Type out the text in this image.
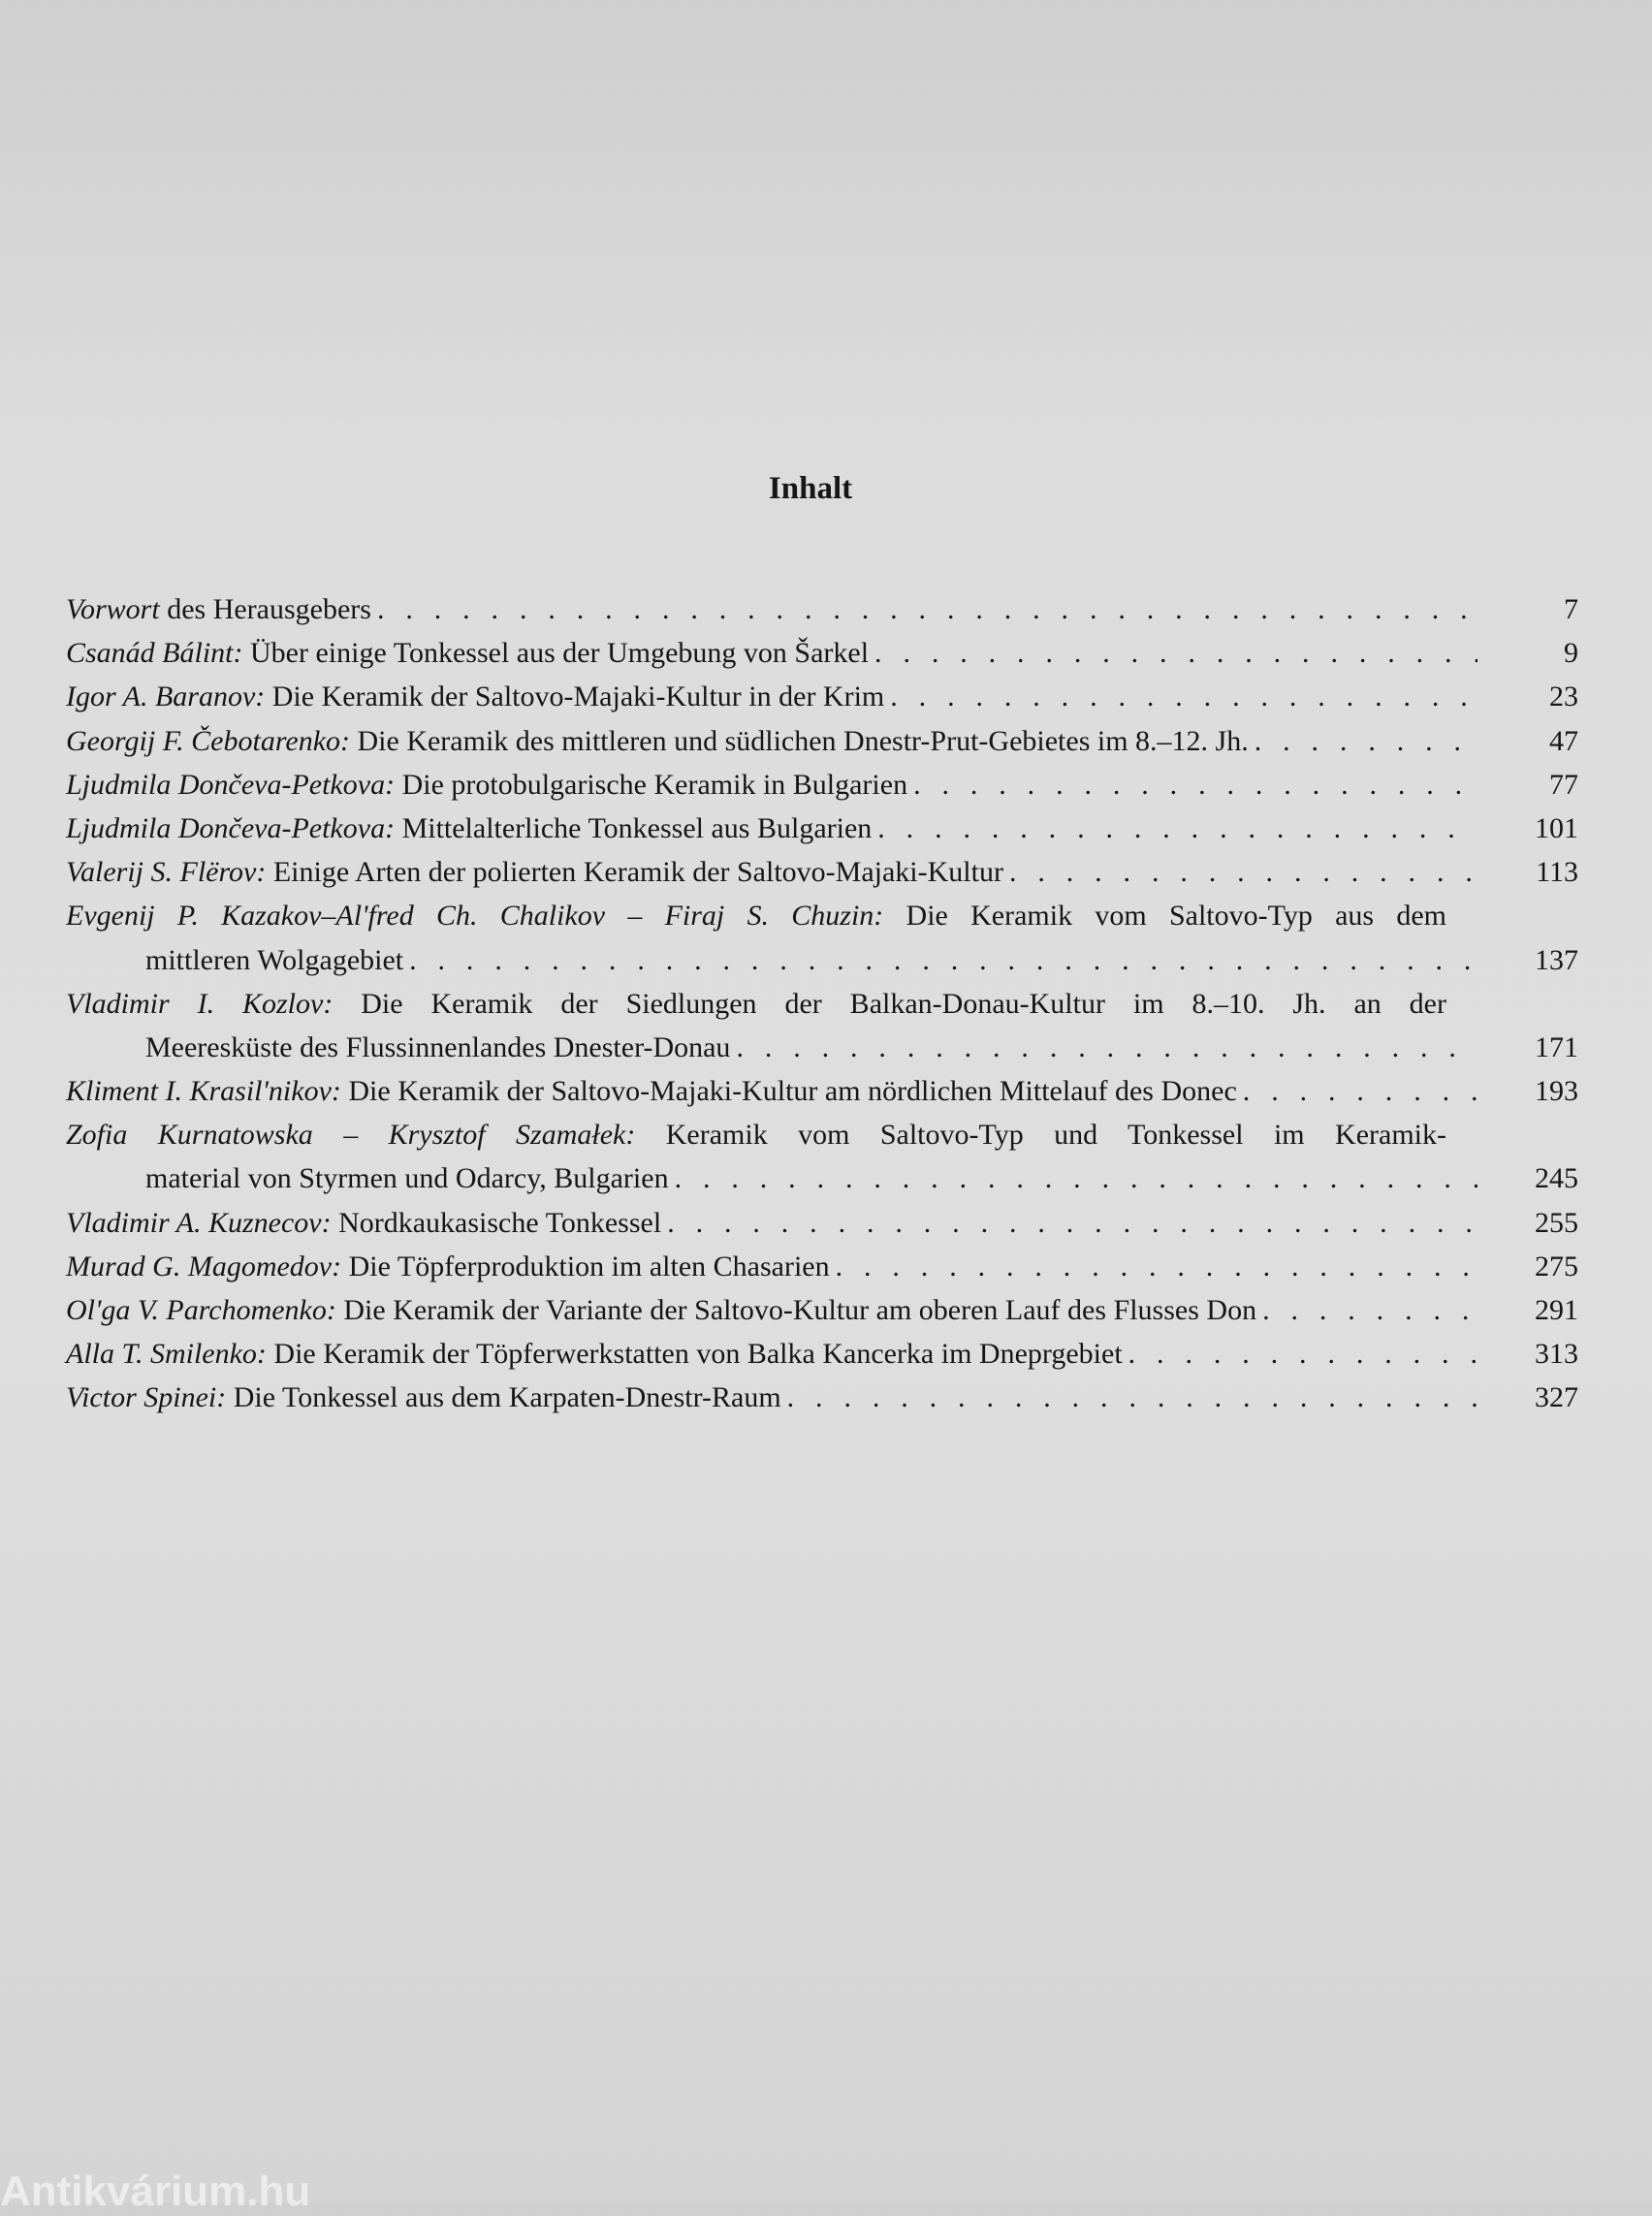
Inhalt
Vorwort des Herausgebers . . .	7
Csanád Bálint: Über einige Tonkessel aus der Umgebung von Šarkel . . .	9
Igor A. Baranov: Die Keramik der Saltovo-Majaki-Kultur in der Krim . . .	23
Georgij F. Čebotarenko: Die Keramik des mittleren und südlichen Dnestr-Prut-Gebietes im 8.–12. Jh. . . .	47
Ljudmila Dončeva-Petkova: Die protobulgarische Keramik in Bulgarien . . .	77
Ljudmila Dončeva-Petkova: Mittelalterliche Tonkessel aus Bulgarien . . .	101
Valerij S. Flërov: Einige Arten der polierten Keramik der Saltovo-Majaki-Kultur . . .	113
Evgenij P. Kazakov–Al'fred Ch. Chalikov – Firaj S. Chuzin: Die Keramik vom Saltovo-Typ aus dem
mittleren Wolgagebiet . . .	137
Vladimir I. Kozlov: Die Keramik der Siedlungen der Balkan-Donau-Kultur im 8.–10. Jh. an der
Meeresküste des Flussinnenlandes Dnester-Donau . . .	171
Kliment I. Krasil'nikov: Die Keramik der Saltovo-Majaki-Kultur am nördlichen Mittelauf des Donec . . .	193
Zofia Kurnatowska – Krysztof Szamałek: Keramik vom Saltovo-Typ und Tonkessel im Keramik-
material von Styrmen und Odarcy, Bulgarien . . .	245
Vladimir A. Kuznecov: Nordkaukasische Tonkessel . . .	255
Murad G. Magomedov: Die Töpferproduktion im alten Chasarien . . .	275
Ol'ga V. Parchomenko: Die Keramik der Variante der Saltovo-Kultur am oberen Lauf des Flusses Don . . .	291
Alla T. Smilenko: Die Keramik der Töpferwerkstatten von Balka Kancerka im Dneprgebiet . . .	313
Victor Spinei: Die Tonkessel aus dem Karpaten-Dnestr-Raum . . .	327
Antikvárium.hu
